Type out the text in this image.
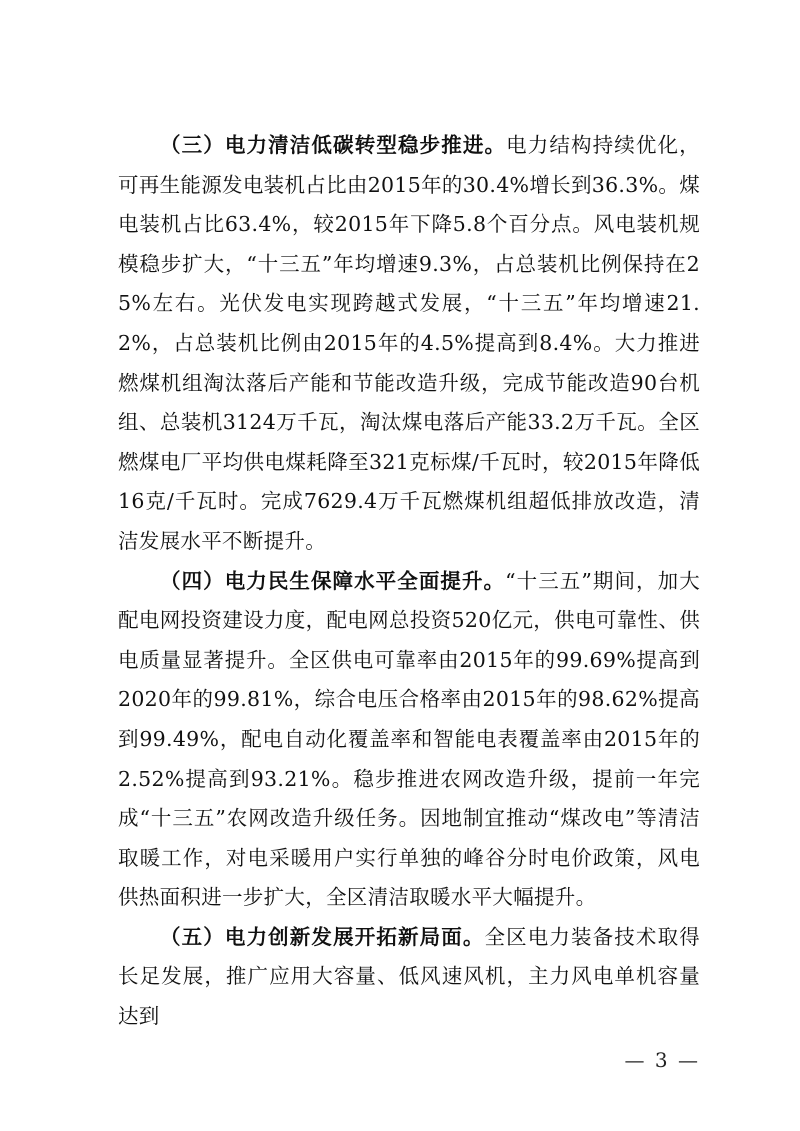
（三）电力清洁低碳转型稳步推进。电力结构持续优化，可再生能源发电装机占比由2015年的30.4%增长到36.3%。煤电装机占比63.4%，较2015年下降5.8个百分点。风电装机规模稳步扩大，“十三五”年均增速9.3%，占总装机比例保持在25%左右。光伏发电实现跨越式发展，“十三五”年均增速21.2%，占总装机比例由2015年的4.5%提高到8.4%。大力推进燃煤机组淘汰落后产能和节能改造升级，完成节能改造90台机组、总装机3124万千瓦，淘汰煤电落后产能33.2万千瓦。全区燃煤电厂平均供电煤耗降至321克标煤/千瓦时，较2015年降低16克/千瓦时。完成7629.4万千瓦燃煤机组超低排放改造，清洁发展水平不断提升。

（四）电力民生保障水平全面提升。“十三五”期间，加大配电网投资建设力度，配电网总投资520亿元，供电可靠性、供电质量显著提升。全区供电可靠率由2015年的99.69%提高到2020年的99.81%，综合电压合格率由2015年的98.62%提高到99.49%，配电自动化覆盖率和智能电表覆盖率由2015年的2.52%提高到93.21%。稳步推进农网改造升级，提前一年完成“十三五”农网改造升级任务。因地制宜推动“煤改电”等清洁取暖工作，对电采暖用户实行单独的峰谷分时电价政策，风电供热面积进一步扩大，全区清洁取暖水平大幅提升。

（五）电力创新发展开拓新局面。全区电力装备技术取得长足发展，推广应用大容量、低风速风机，主力风电单机容量达到

— 3 —
